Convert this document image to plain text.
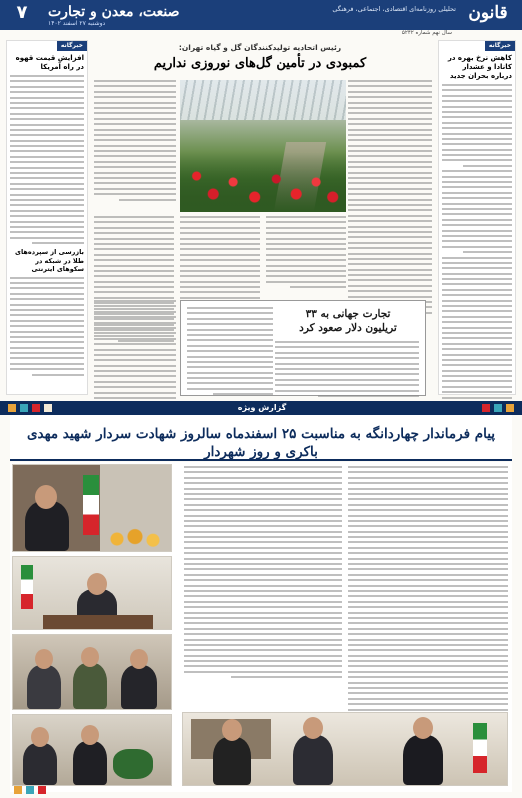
قانون
تحلیلی روزنامه‌ای اقتصادی، اجتماعی، فرهنگی
صنعت، معدن و تجارت
دوشنبه ۲۷ اسفند ۱۴۰۲
۷
سال نهم شماره ۵۲۴۲
خبرگانه
کاهش نرخ بهره در کانادا و عشدار درباره بحران جدید
خبرگانه
افزایش قیمت قهوه در راه آمریکا
بازرسی از سپرده‌های طلا در شبکه در سکوهای ایترنتی
رئیس اتحادیه تولیدکنندگان گل و گیاه تهران:
کمبودی در تأمین گل‌های نوروزی نداریم
تجارت جهانی به ۳۳
تریلیون دلار صعود کرد
گزارش ویژه
پیام فرماندار چهاردانگه به مناسبت ۲۵ اسفندماه سالروز شهادت سردار شهید مهدی باکری و روز شهردار
